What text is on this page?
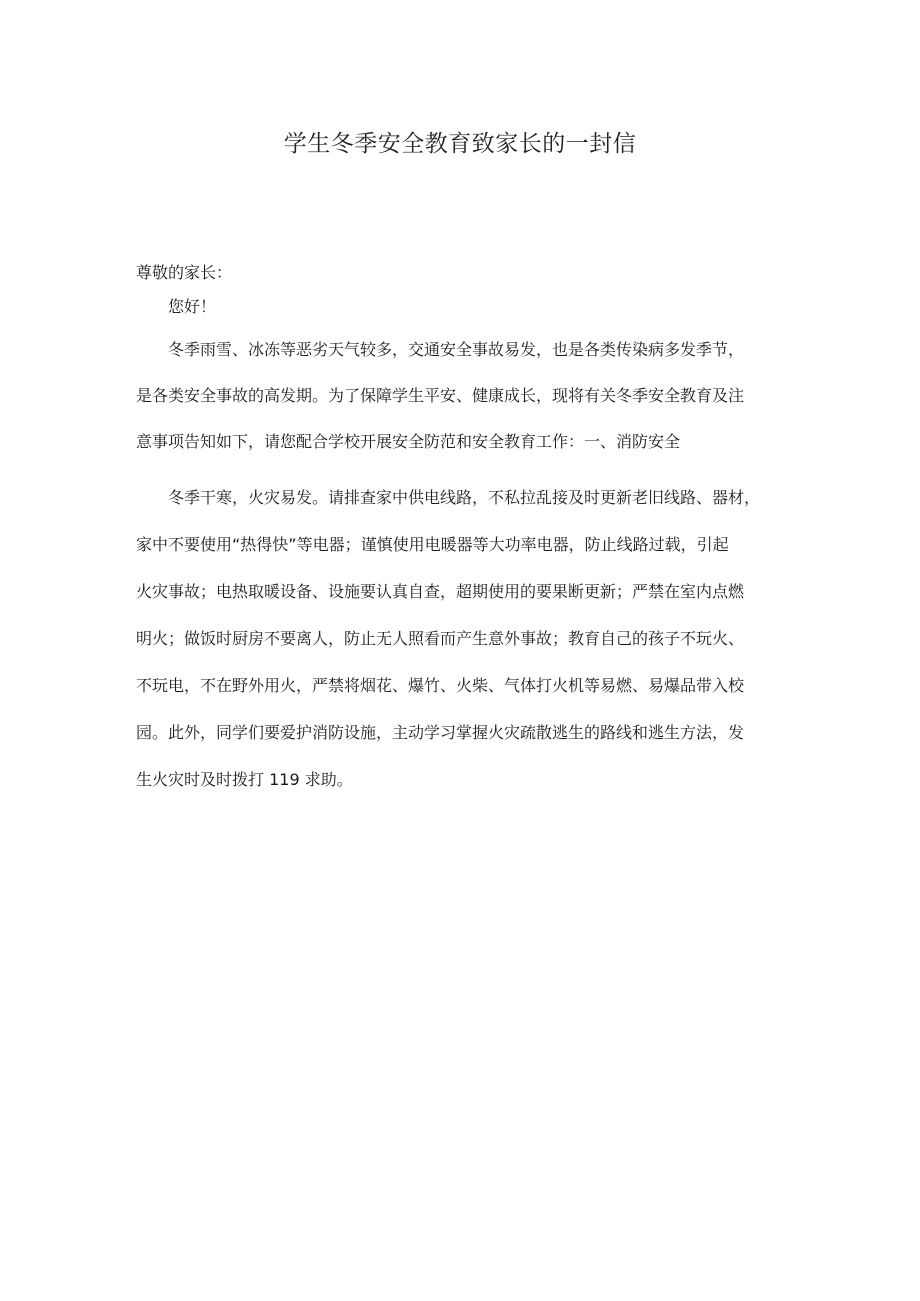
学生冬季安全教育致家长的一封信

尊敬的家长：

您好！

冬季雨雪、冰冻等恶劣天气较多，交通安全事故易发，也是各类传染病多发季节，
是各类安全事故的高发期。为了保障学生平安、健康成长，现将有关冬季安全教育及注
意事项告知如下，请您配合学校开展安全防范和安全教育工作：一、消防安全
冬季干寒，火灾易发。请排查家中供电线路，不私拉乱接及时更新老旧线路、器材，
家中不要使用“热得快”等电器；谨慎使用电暖器等大功率电器，防止线路过载，引起
火灾事故；电热取暖设备、设施要认真自查，超期使用的要果断更新；严禁在室内点燃
明火；做饭时厨房不要离人，防止无人照看而产生意外事故；教育自己的孩子不玩火、
不玩电，不在野外用火，严禁将烟花、爆竹、火柴、气体打火机等易燃、易爆品带入校
园。此外，同学们要爱护消防设施，主动学习掌握火灾疏散逃生的路线和逃生方法，发
生火灾时及时拨打 119 求助。
